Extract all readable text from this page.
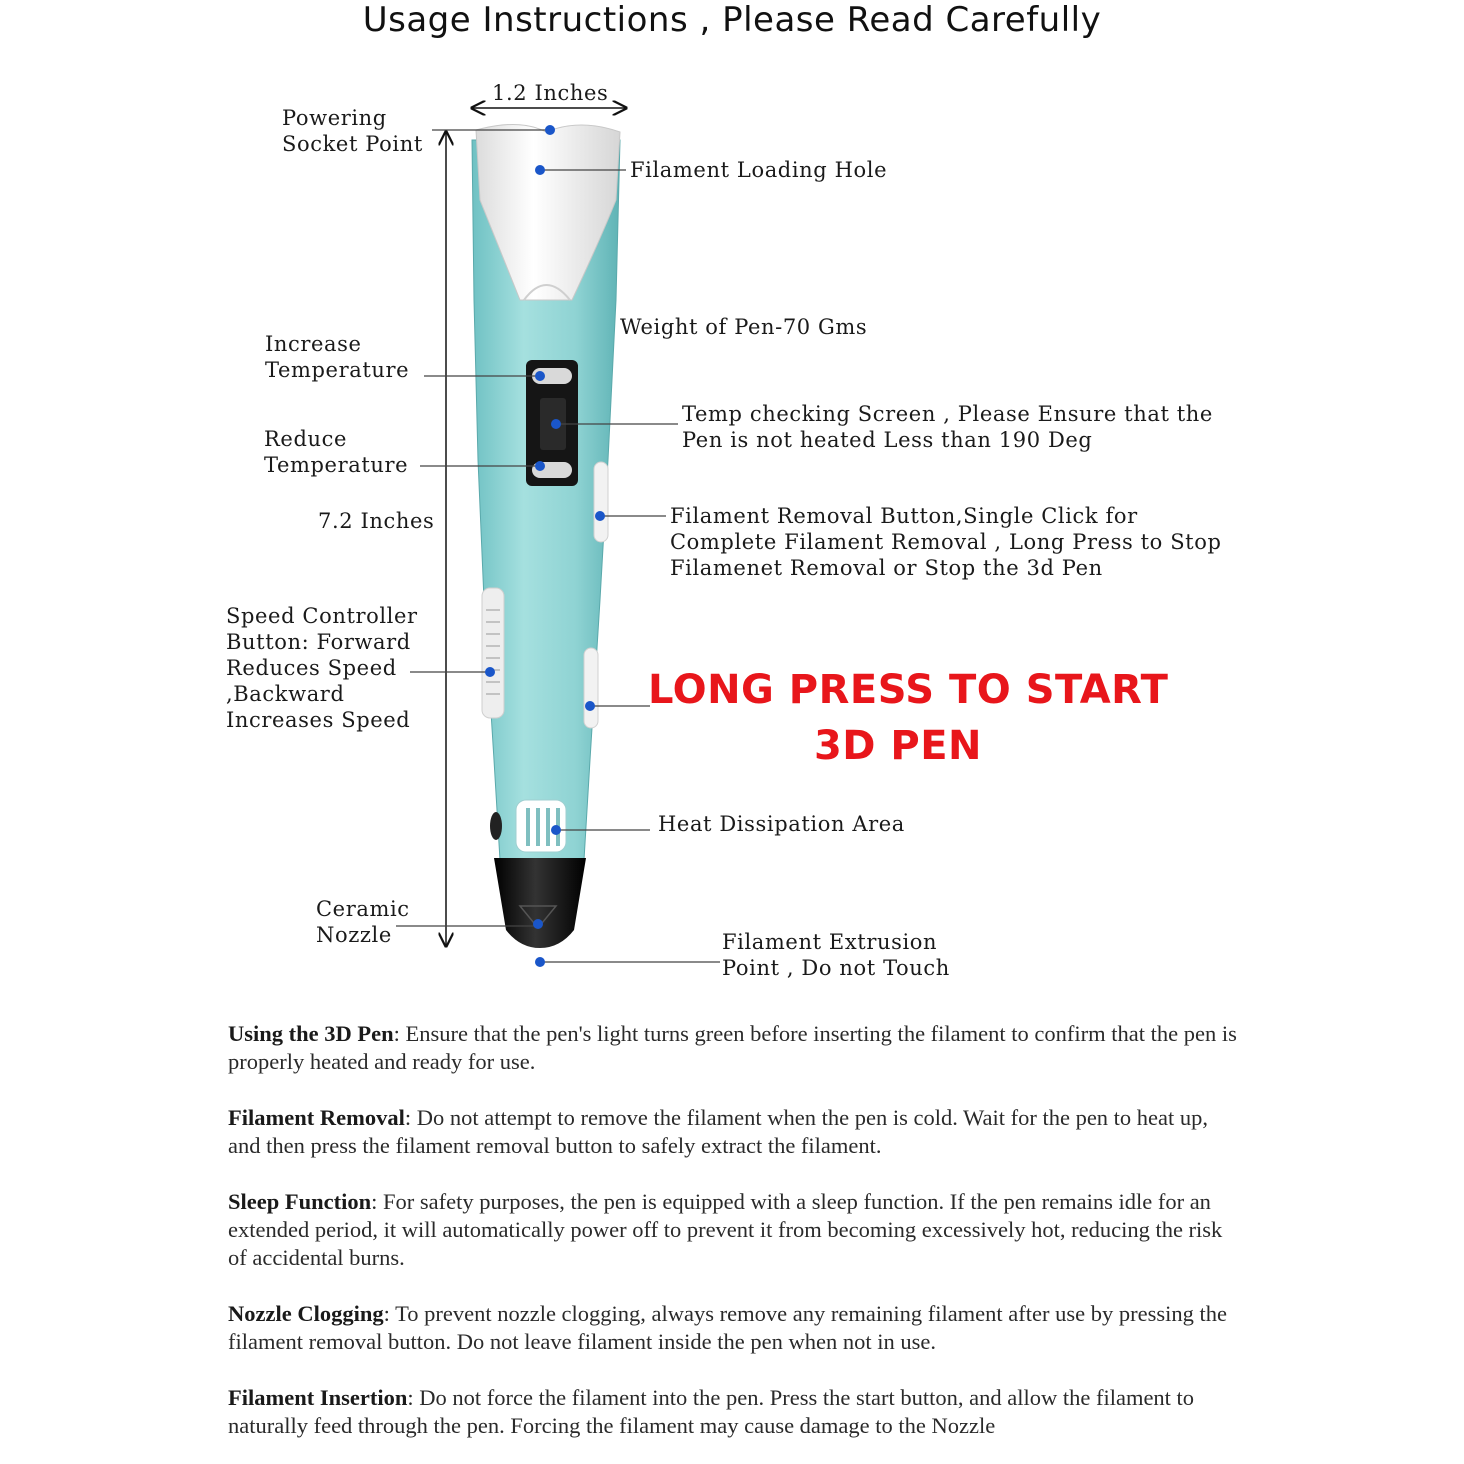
Usage Instructions , Please Read Carefully
1.2 Inches
7.2 Inches
Powering
Socket Point
Increase
Temperature
Reduce
Temperature
Speed Controller
Button: Forward
Reduces Speed
,Backward
Increases Speed
Ceramic
Nozzle
Filament Loading Hole
Weight of Pen-70 Gms
Temp checking Screen , Please Ensure that the
Pen is not heated Less than 190 Deg
Filament Removal Button,Single Click for
Complete Filament Removal , Long Press to Stop
Filamenet Removal or Stop the 3d Pen
Heat Dissipation Area
Filament Extrusion
Point , Do not Touch
LONG PRESS TO START
3D PEN
Using the 3D Pen: Ensure that the pen's light turns green before inserting the filament to confirm that the pen is properly heated and ready for use.
Filament Removal: Do not attempt to remove the filament when the pen is cold. Wait for the pen to heat up, and then press the filament removal button to safely extract the filament.
Sleep Function: For safety purposes, the pen is equipped with a sleep function. If the pen remains idle for an extended period, it will automatically power off to prevent it from becoming excessively hot, reducing the risk of accidental burns.
Nozzle Clogging: To prevent nozzle clogging, always remove any remaining filament after use by pressing the filament removal button. Do not leave filament inside the pen when not in use.
Filament Insertion: Do not force the filament into the pen. Press the start button, and allow the filament to naturally feed through the pen. Forcing the filament may cause damage to the Nozzle
